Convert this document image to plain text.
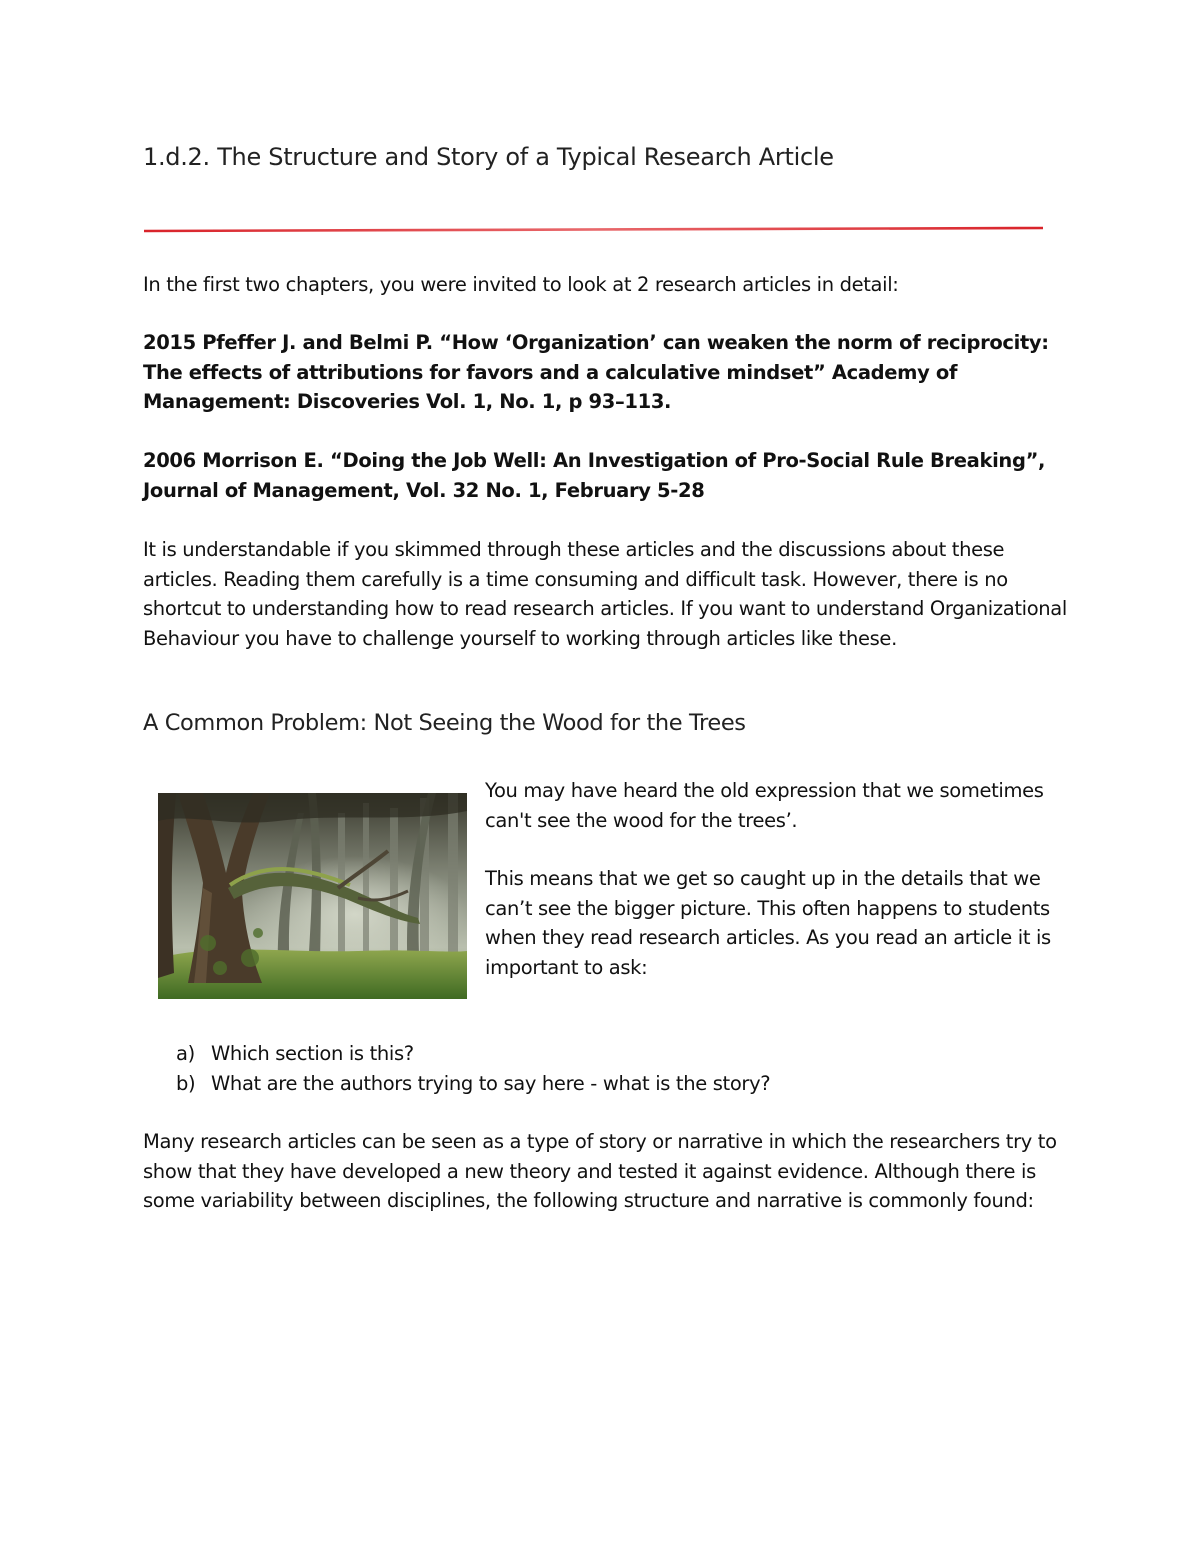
1.d.2. The Structure and Story of a Typical Research Article
In the first two chapters, you were invited to look at 2 research articles in detail:
2015 Pfeffer J. and Belmi P. “How ‘Organization’ can weaken the norm of reciprocity: The effects of attributions for favors and a calculative mindset” Academy of Management: Discoveries Vol. 1, No. 1, p 93–113.
2006 Morrison E. “Doing the Job Well: An Investigation of Pro-Social Rule Breaking”, Journal of Management, Vol. 32 No. 1, February 5-28
It is understandable if you skimmed through these articles and the discussions about these articles. Reading them carefully is a time consuming and difficult task. However, there is no shortcut to understanding how to read research articles. If you want to understand Organizational Behaviour you have to challenge yourself to working through articles like these.
A Common Problem: Not Seeing the Wood for the Trees
You may have heard the old expression that we sometimes can't see the wood for the trees’.
This means that we get so caught up in the details that we can’t see the bigger picture. This often happens to students when they read research articles. As you read an article it is important to ask:
a) Which section is this?
b) What are the authors trying to say here - what is the story?
Many research articles can be seen as a type of story or narrative in which the researchers try to show that they have developed a new theory and tested it against evidence. Although there is some variability between disciplines, the following structure and narrative is commonly found:
